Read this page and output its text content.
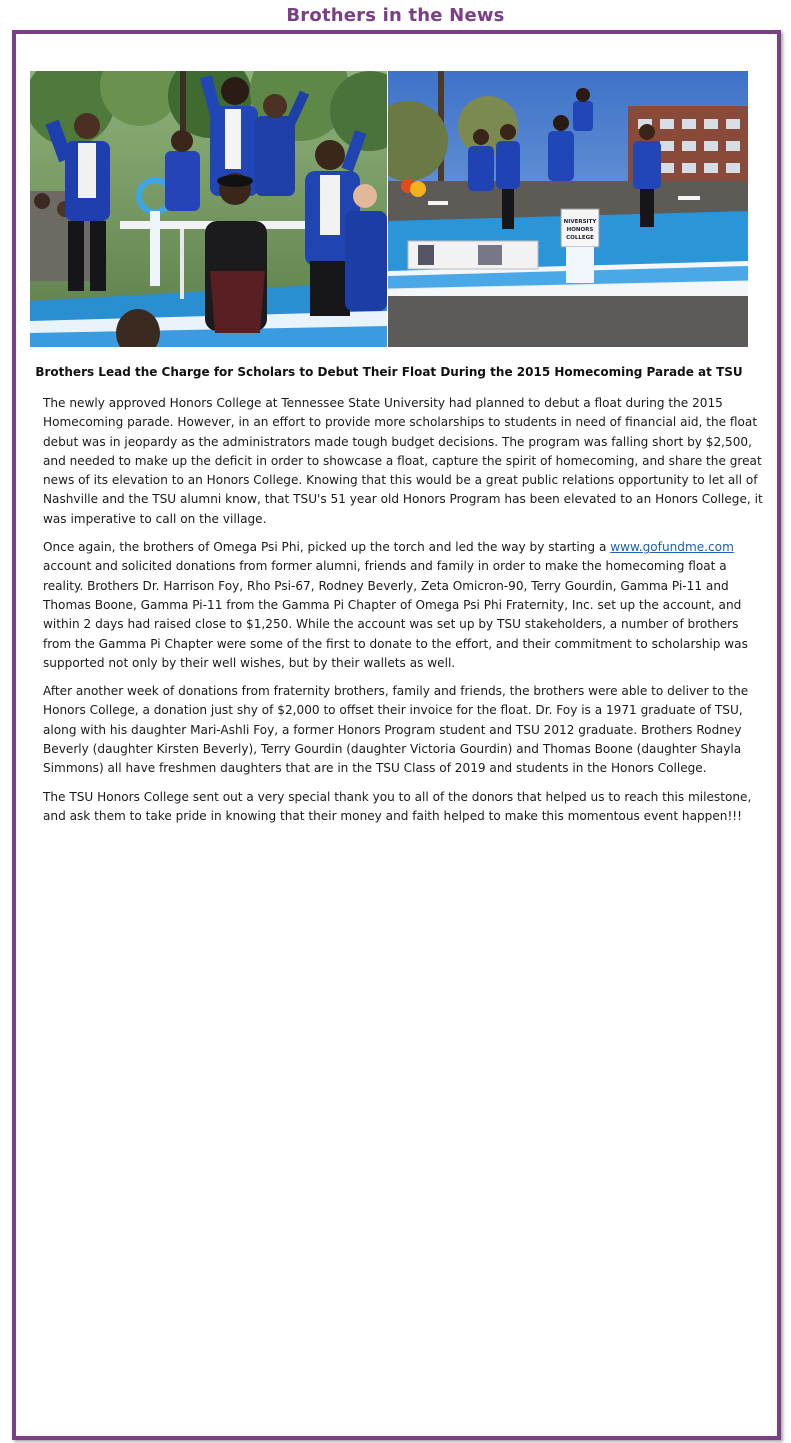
Brothers in the News
NIVERSITY
HONORS
COLLEGE
Brothers Lead the Charge for Scholars to Debut Their Float During the 2015 Homecoming Parade at TSU

The newly approved Honors College at Tennessee State University had planned to debut a float during the 2015 Homecoming parade. However, in an effort to provide more scholarships to students in need of financial aid, the float debut was in jeopardy as the administrators made tough budget decisions. The program was falling short by $2,500, and needed to make up the deficit in order to showcase a float, capture the spirit of homecoming, and share the great news of its elevation to an Honors College. Knowing that this would be a great public relations opportunity to let all of Nashville and the TSU alumni know, that TSU's 51 year old Honors Program has been elevated to an Honors College, it was imperative to call on the village.

Once again, the brothers of Omega Psi Phi, picked up the torch and led the way by starting a www.gofundme.com account and solicited donations from former alumni, friends and family in order to make the homecoming float a reality. Brothers Dr. Harrison Foy, Rho Psi-67, Rodney Beverly, Zeta Omicron-90, Terry Gourdin, Gamma Pi-11 and Thomas Boone, Gamma Pi-11 from the Gamma Pi Chapter of Omega Psi Phi Fraternity, Inc. set up the account, and within 2 days had raised close to $1,250. While the account was set up by TSU stakeholders, a number of brothers from the Gamma Pi Chapter were some of the first to donate to the effort, and their commitment to scholarship was supported not only by their well wishes, but by their wallets as well.

After another week of donations from fraternity brothers, family and friends, the brothers were able to deliver to the Honors College, a donation just shy of $2,000 to offset their invoice for the float. Dr. Foy is a 1971 graduate of TSU, along with his daughter Mari-Ashli Foy, a former Honors Program student and TSU 2012 graduate. Brothers Rodney Beverly (daughter Kirsten Beverly), Terry Gourdin (daughter Victoria Gourdin) and Thomas Boone (daughter Shayla Simmons) all have freshmen daughters that are in the TSU Class of 2019 and students in the Honors College.

The TSU Honors College sent out a very special thank you to all of the donors that helped us to reach this milestone, and ask them to take pride in knowing that their money and faith helped to make this momentous event happen!!!
